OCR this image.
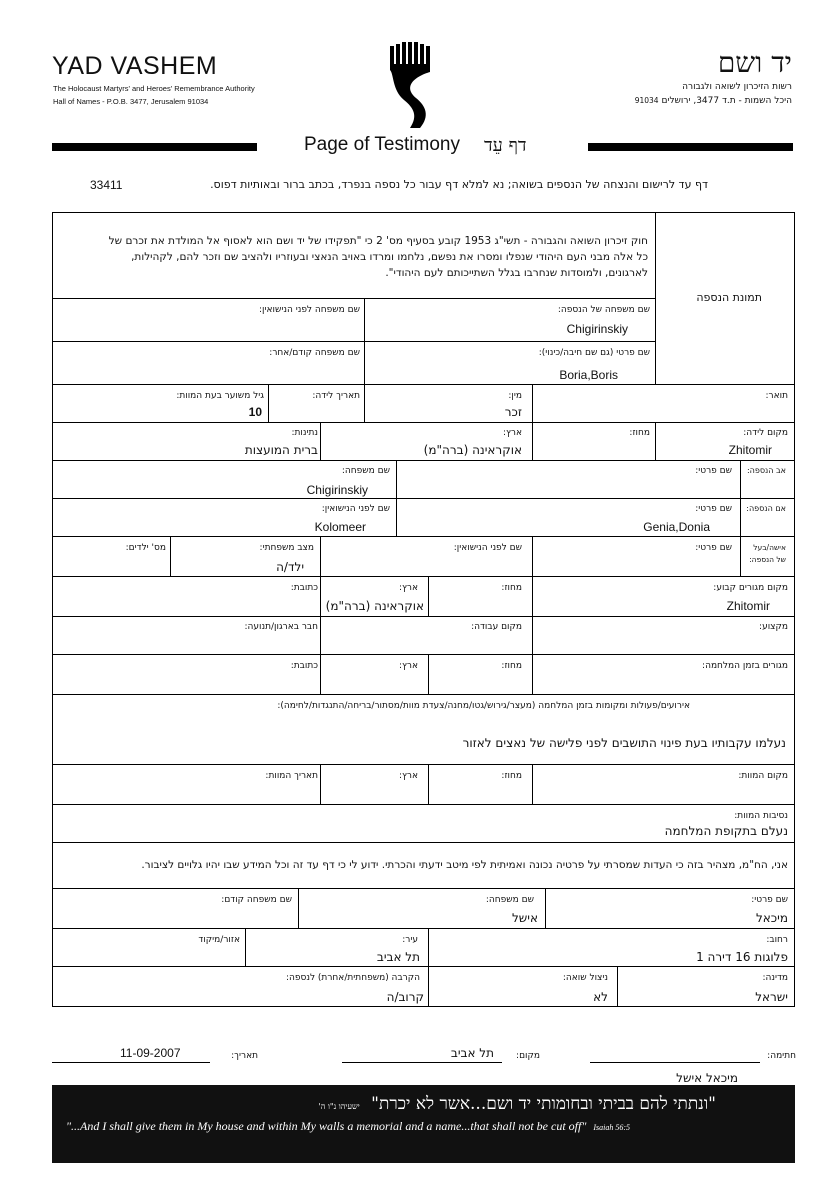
YAD VASHEM
The Holocaust Martyrs' and Heroes' Remembrance Authority
Hall of Names - P.O.B. 3477, Jerusalem 91034
יד ושם
רשות הזיכרון לשואה ולגבורה
היכל השמות - ת.ד 3477, ירושלים 91034
Page of Testimony דף עֵד
דף עד לרישום והנצחה של הנספים בשואה; נא למלא דף עבור כל נספה בנפרד, בכתב ברור ובאותיות דפוס.
33411
חוק זיכרון השואה והגבורה - תשי"ג 1953 קובע בסעיף מס' 2 כי "תפקידו של יד ושם הוא לאסוף אל המולדת את זכרם של
כל אלה מבני העם היהודי שנפלו ומסרו את נפשם, נלחמו ומרדו באויב הנאצי ובעוזריו ולהציב שם וזכר להם, לקהילות,
לארגונים, ולמוסדות שנחרבו בגלל השתייכותם לעם היהודי".
תמונת הנספה
שם משפחה של הנספה:
Chigirinskiy
שם משפחה לפני הנישואין:
שם פרטי (גם שם חיבה/כינוי):
Boria,Boris
שם משפחה קודם/אחר:
תואר:
מין:
זכר
תאריך לידה:
גיל משוער בעת המוות:
10
מקום לידה:
Zhitomir
מחוז:
ארץ:
אוקראינה (ברה"מ)
נתינות:
ברית המועצות
אב הנספה:
שם פרטי:
שם משפחה:
Chigirinskiy
אם הנספה:
שם פרטי:
Genia,Donia
שם לפני הנישואין:
Kolomeer
אישה/בעל
של הנספה:
שם פרטי:
שם לפני הנישואין:
מצב משפחתי:
ילד/ה
מס' ילדים:
מקום מגורים קבוע:
Zhitomir
מחוז:
ארץ:
אוקראינה (ברה"מ)
כתובת:
מקצוע:
מקום עבודה:
חבר בארגון/תנועה:
מגורים בזמן המלחמה:
מחוז:
ארץ:
כתובת:
אירועים/פעולות ומקומות בזמן המלחמה (מעצר/גירוש/גטו/מחנה/צעדת מוות/מסתור/בריחה/התנגדות/לחימה):
נעלמו עקבותיו בעת פינוי התושבים לפני פלישה של נאצים לאזור
מקום המוות:
מחוז:
ארץ:
תאריך המוות:
נסיבות המוות:
נעלם בתקופת המלחמה
אני, הח"מ, מצהיר בזה כי העדות שמסרתי על פרטיה נכונה ואמיתית לפי מיטב ידעתי והכרתי. ידוע לי כי דף עד זה וכל המידע שבו יהיו גלויים לציבור.
שם פרטי:
מיכאל
שם משפחה:
אישל
שם משפחה קודם:
רחוב:
פלוגות 16 דירה 1
עיר:
תל אביב
אזור/מיקוד
מדינה:
ישראל
ניצול שואה:
לא
הקרבה (משפחתית/אחרת) לנספה:
קרוב/ה
חתימה:
מיכאל אישל
מקום:
תל אביב
תאריך:
11-09-2007
"ונתתי להם בביתי ובחומותי יד ושם...אשר לא יכרת" ישעיהו נ"ו ה'
"...And I shall give them in My house and within My walls a memorial and a name...that shall not be cut off" Isaiah 56:5
